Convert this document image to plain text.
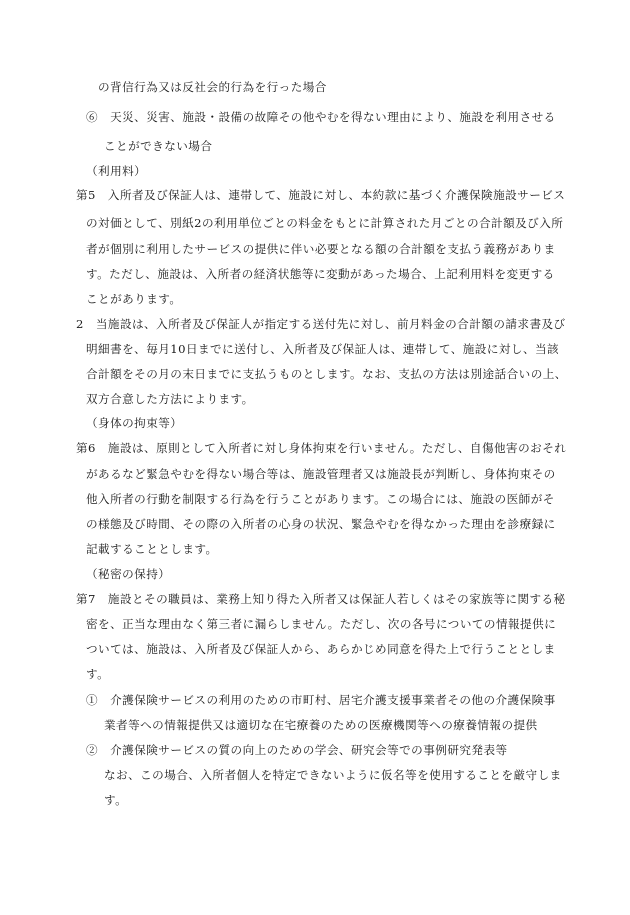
の背信行為又は反社会的行為を行った場合
⑥　天災、災害、施設・設備の故障その他やむを得ない理由により、施設を利用させる
ことができない場合
（利用料）
第5　入所者及び保証人は、連帯して、施設に対し、本約款に基づく介護保険施設サービス
の対価として、別紙2の利用単位ごとの料金をもとに計算された月ごとの合計額及び入所
者が個別に利用したサービスの提供に伴い必要となる額の合計額を支払う義務がありま
す。ただし、施設は、入所者の経済状態等に変動があった場合、上記利用料を変更する
ことがあります。
2　当施設は、入所者及び保証人が指定する送付先に対し、前月料金の合計額の請求書及び
明細書を、毎月10日までに送付し、入所者及び保証人は、連帯して、施設に対し、当該
合計額をその月の末日までに支払うものとします。なお、支払の方法は別途話合いの上、
双方合意した方法によります。
（身体の拘束等）
第6　施設は、原則として入所者に対し身体拘束を行いません。ただし、自傷他害のおそれ
があるなど緊急やむを得ない場合等は、施設管理者又は施設長が判断し、身体拘束その
他入所者の行動を制限する行為を行うことがあります。この場合には、施設の医師がそ
の様態及び時間、その際の入所者の心身の状況、緊急やむを得なかった理由を診療録に
記載することとします。
（秘密の保持）
第7　施設とその職員は、業務上知り得た入所者又は保証人若しくはその家族等に関する秘
密を、正当な理由なく第三者に漏らしません。ただし、次の各号についての情報提供に
ついては、施設は、入所者及び保証人から、あらかじめ同意を得た上で行うこととしま
す。
①　介護保険サービスの利用のための市町村、居宅介護支援事業者その他の介護保険事
業者等への情報提供又は適切な在宅療養のための医療機関等への療養情報の提供
②　介護保険サービスの質の向上のための学会、研究会等での事例研究発表等
なお、この場合、入所者個人を特定できないように仮名等を使用することを厳守しま
す。
